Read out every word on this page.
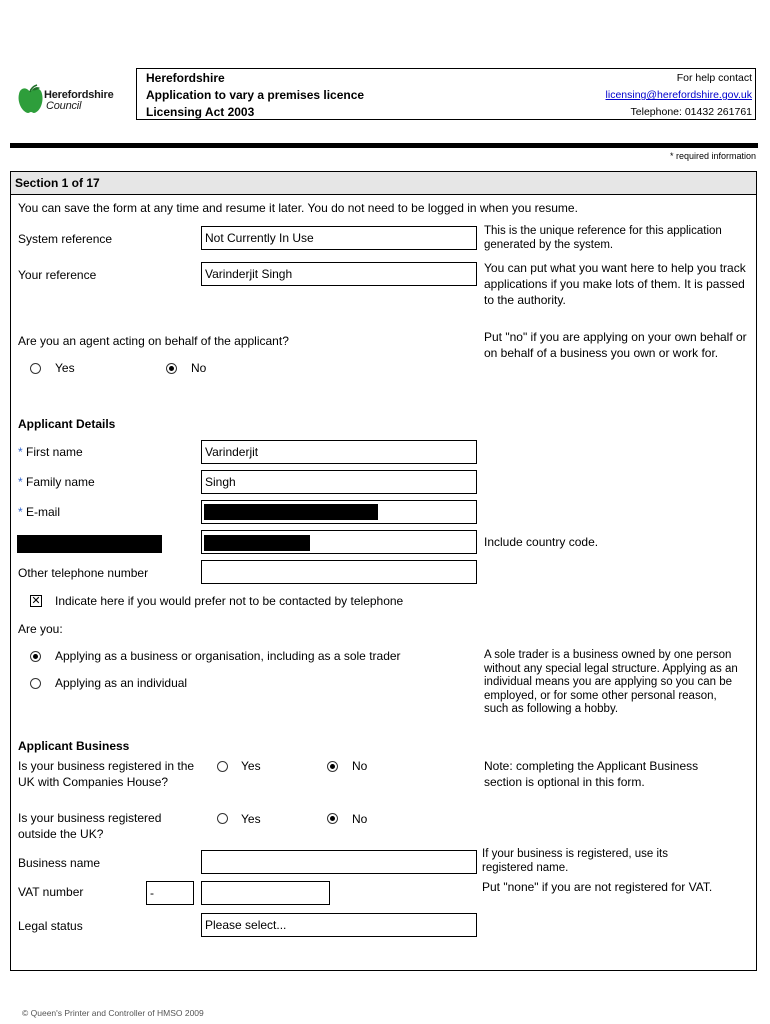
Herefordshire
Council
Herefordshire
Application to vary a premises licence
Licensing Act 2003
For help contact
licensing@herefordshire.gov.uk
Telephone: 01432 261761
* required information
Section 1 of 17
You can save the form at any time and resume it later. You do not need to be logged in when you resume.
System reference	Not Currently In Use	This is the unique reference for this application generated by the system.
Your reference	Varinderjit Singh	You can put what you want here to help you track applications if you make lots of them. It is passed to the authority.
Are you an agent acting on behalf of the applicant?
Yes	No
Put "no" if you are applying on your own behalf or on behalf of a business you own or work for.
Applicant Details
* First name	Varinderjit
* Family name	Singh
* E-mail
Include country code.
Other telephone number
✕ Indicate here if you would prefer not to be contacted by telephone
Are you:
Applying as a business or organisation, including as a sole trader
Applying as an individual
A sole trader is a business owned by one person without any special legal structure. Applying as an individual means you are applying so you can be employed, or for some other personal reason, such as following a hobby.
Applicant Business
Is your business registered in the UK with Companies House?
Yes	No	Note: completing the Applicant Business section is optional in this form.
Is your business registered outside the UK?
Yes	No
Business name
If your business is registered, use its registered name.
VAT number	-	Put "none" if you are not registered for VAT.
Legal status	Please select...
© Queen's Printer and Controller of HMSO 2009
